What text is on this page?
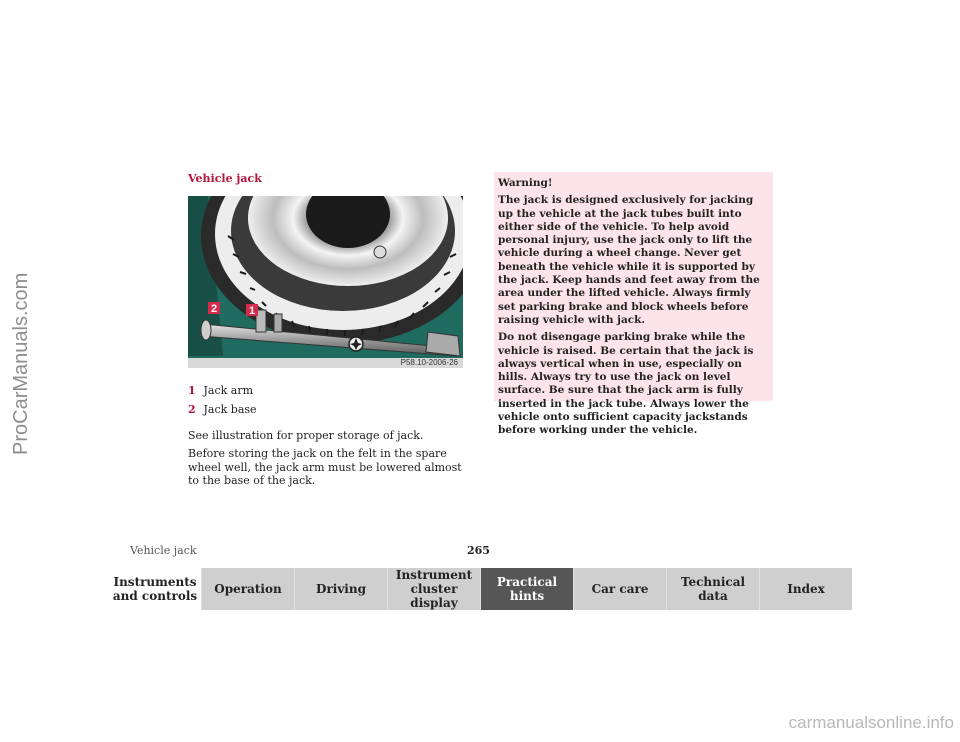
ProCarManuals.com
Vehicle jack
2	1
P58.10-2006-26
1 Jack arm
2 Jack base
See illustration for proper storage of jack.
Before storing the jack on the felt in the spare wheel well, the jack arm must be lowered almost to the base of the jack.

Warning!

The jack is designed exclusively for jacking up the vehicle at the jack tubes built into either side of the vehicle. To help avoid personal injury, use the jack only to lift the vehicle during a wheel change. Never get beneath the vehicle while it is supported by the jack. Keep hands and feet away from the area under the lifted vehicle. Always firmly set parking brake and block wheels before raising vehicle with jack.

Do not disengage parking brake while the vehicle is raised. Be certain that the jack is always vertical when in use, especially on hills. Always try to use the jack on level surface. Be sure that the jack arm is fully inserted in the jack tube. Always lower the vehicle onto sufficient capacity jackstands before working under the vehicle.

Vehicle jack	265
Instruments
and controls	Operation	Driving
Instrument
cluster display
Practical hints	Car care	Technical
data	Index
carmanualsonline.info
